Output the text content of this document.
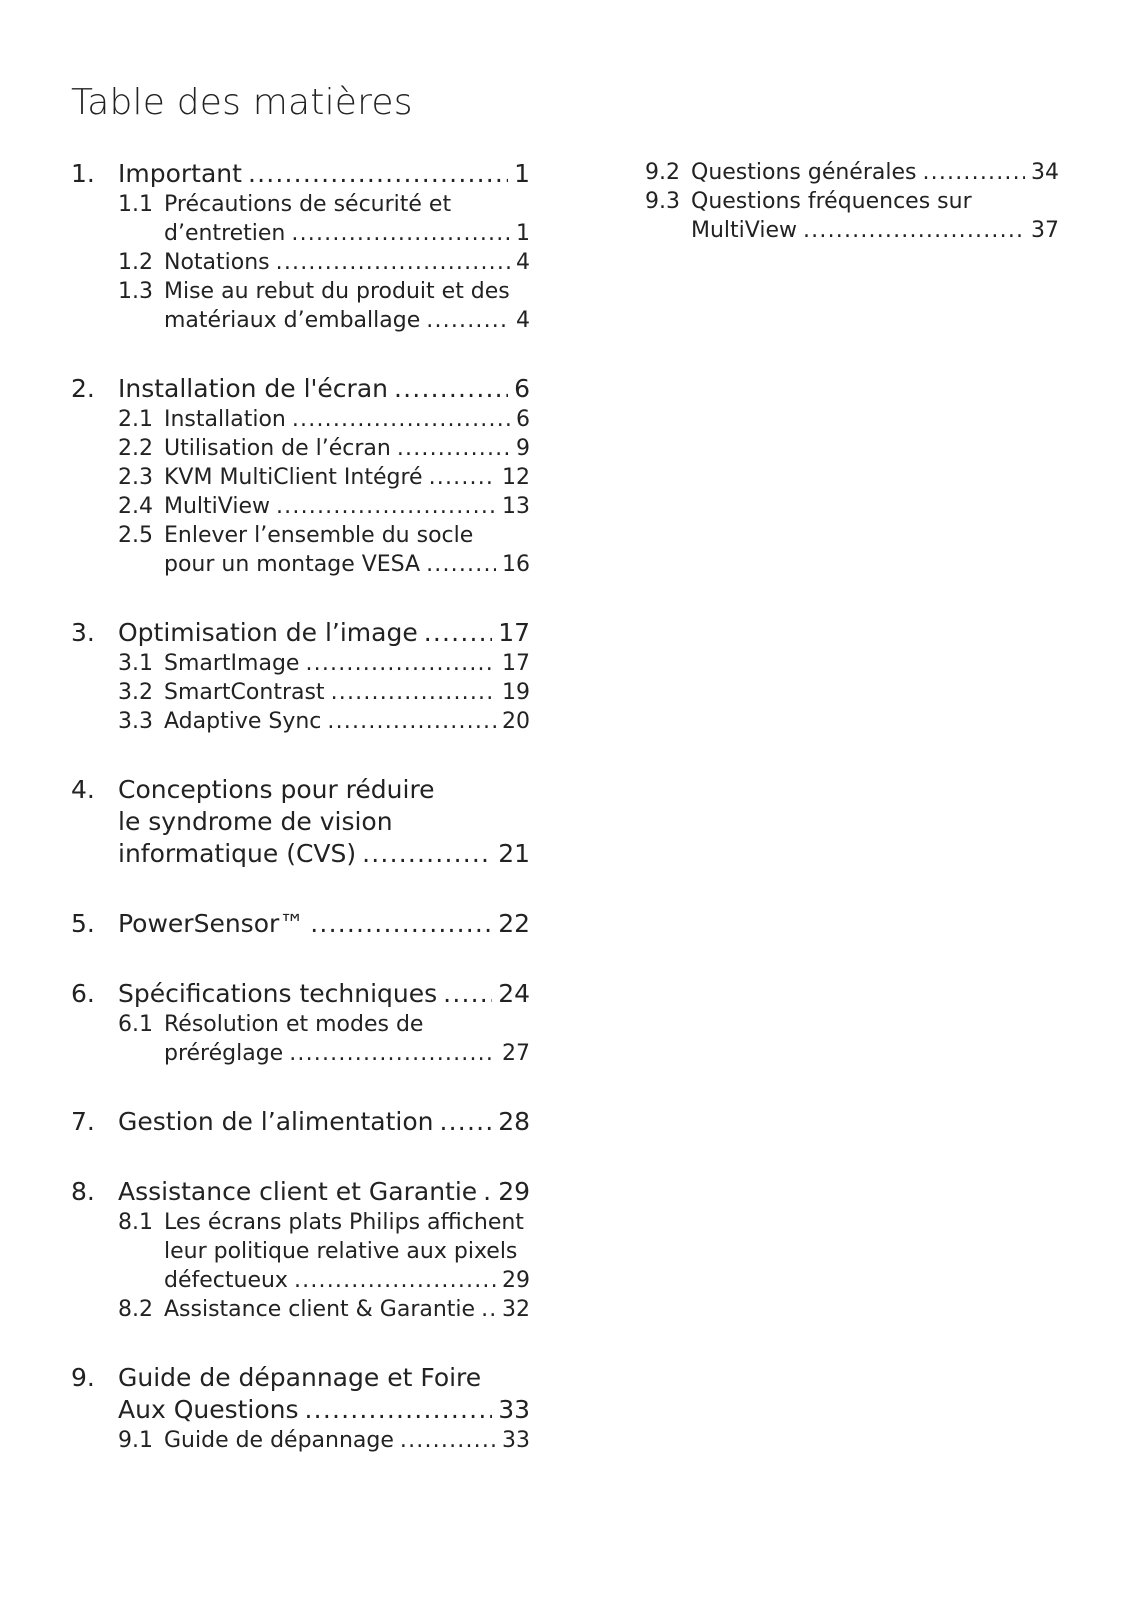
Table des matières
1. Important .....	1
1.1 Précautions de sécurité et
d’entretien .....	1
1.2 Notations .....	4
1.3 Mise au rebut du produit et des
matériaux d’emballage .....	4
2. Installation de l'écran .....	6
2.1 Installation .....	6
2.2 Utilisation de l’écran .....	9
2.3 KVM MultiClient Intégré .....	12
2.4 MultiView .....	13
2.5 Enlever l’ensemble du socle
pour un montage VESA .....	16
3. Optimisation de l’image .....	17
3.1 SmartImage .....	17
3.2 SmartContrast .....	19
3.3 Adaptive Sync .....	20
4. Conceptions pour réduire
le syndrome de vision
informatique (CVS) .....	21
5. PowerSensor™ .....	22
6. Spécifications techniques ..... 24
6.1 Résolution et modes de
préréglage .....	27
7. Gestion de l’alimentation .....	28
8. Assistance client et Garantie ..... 29
8.1 Les écrans plats Philips affichent
leur politique relative aux pixels
défectueux .....	29
8.2 Assistance client & Garantie ..... 32
9. Guide de dépannage et Foire
Aux Questions .....	33
9.1 Guide de dépannage .....	33
9.2 Questions générales .....	34
9.3 Questions fréquences sur
MultiView .....	37
